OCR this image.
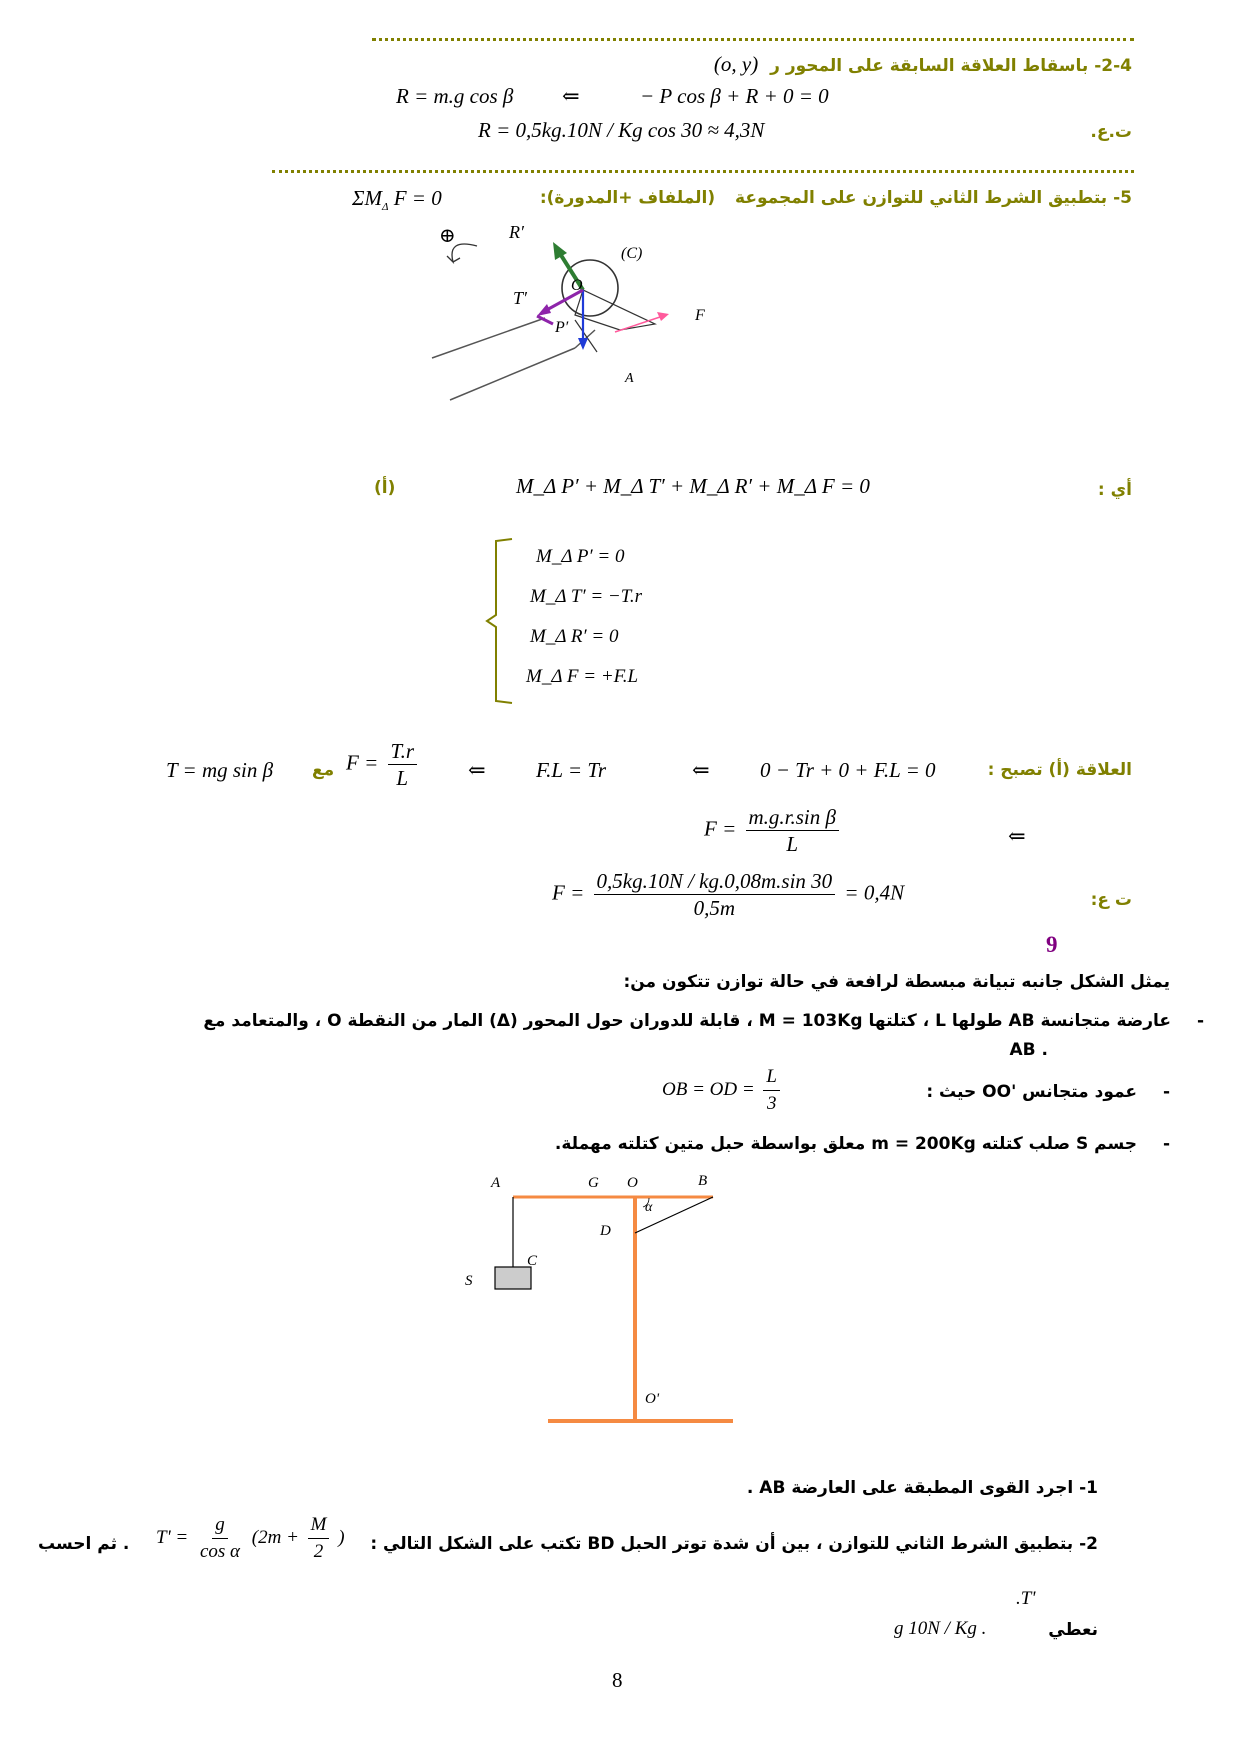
2-4- باسقاط العلاقة السابقة على المحور ر (o, y)
R = m.g cos β ⇐	− P cos β + R + 0 = 0
ت.ع.
R = 0,5kg.10N / Kg cos 30 ≈ 4,3N
5- بتطبيق الشرط الثاني للتوازن على المجموعة (الملفاف +المدورة):
$\Sigma M_\Delta$ F = 0
⊕	R′
(C)
O
T′
P′
F
A
أي :
(أ)	M_Δ P′ + M_Δ T′ + M_Δ R′ + M_Δ F = 0
M_Δ P′ = 0
M_Δ T′ = −T.r
M_Δ R′ = 0
M_Δ F = +F.L
العلاقة (أ) تصبح :
0 − Tr + 0 + F.L = 0
⇐
F.L = Tr
⇐
$F = \frac{T.r}{L}$
مع
T = mg sin β
⇐
$F = \frac{\text{m.g.r.sin β}}{L}$
ت ع:
$F = \frac{0,5kg.10N / kg.0,08m.\sin 30}{0,5m} = 0,4N$
9
يمثل الشكل جانبه تبيانة مبسطة لرافعة في حالة توازن تتكون من:
- عارضة متجانسة AB طولها L ، كتلتها M = 103Kg ، قابلة للدوران حول المحور (Δ) المار من النقطة O ، والمتعامد مع
. AB
- عمود متجانس 'OO حيث :
OB = OD = $\frac{L}{3}$
- جسم S صلب كتلته m = 200Kg معلق بواسطة حبل متين كتلته مهملة.
A	G O	B
α
D
C
S
O'
1- اجرد القوى المطبقة على العارضة AB .
2- بتطبيق الشرط الثاني للتوازن ، بين أن شدة توتر الحبل BD تكتب على الشكل التالي :
$T' = \frac{g}{\text{cos α}} (2m + \frac{M}{2}$ )
. ثم احسب
.T'
نعطي
g 10N / Kg .
8
